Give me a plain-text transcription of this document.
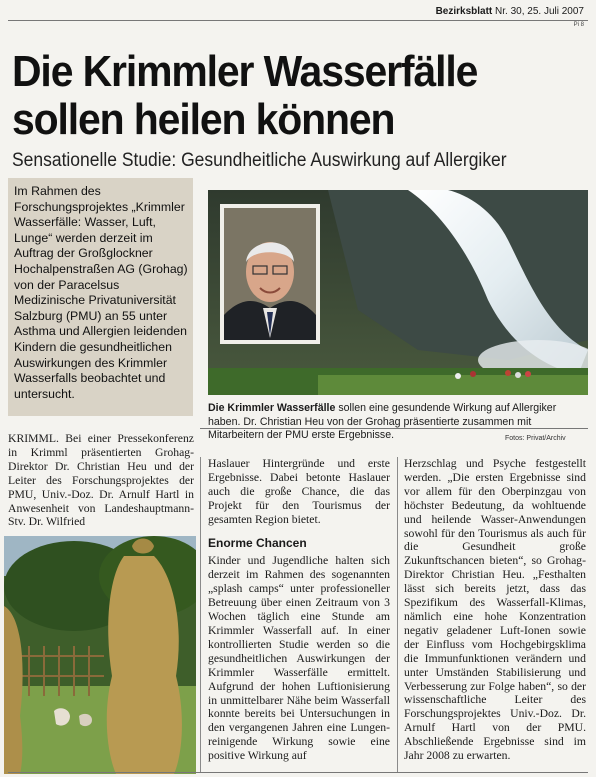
Bezirksblatt Nr. 30, 25. Juli 2007
Pi 8
Die Krimmler Wasserfälle
sollen heilen können
Sensationelle Studie: Gesundheitliche Auswirkung auf Allergiker
Im Rahmen des Forschungsprojektes „Krimmler Wasserfälle: Wasser, Luft, Lunge“ werden derzeit im Auftrag der Großglockner Hochalpenstraßen AG (Grohag) von der Paracelsus Medizinische Privatuniversität Salzburg (PMU) an 55 unter Asthma und Allergien leidenden Kindern die gesundheitlichen Auswirkungen des Krimmler Wasserfalls beobachtet und untersucht.
Die Krimmler Wasserfälle sollen eine gesundende Wirkung auf Allergiker haben. Dr. Christian Heu von der Grohag präsentierte zusammen mit Mitarbeitern der PMU erste Ergebnisse.	Fotos: Privat/Archiv

KRIMML. Bei einer Pressekonferenz in Krimml präsentierten Grohag-Direktor Dr. Christian Heu und der Leiter des Forschungsprojektes der PMU, Univ.-Doz. Dr. Arnulf Hartl in Anwesenheit von Landeshauptmann-Stv. Dr. Wilfried

Haslauer Hintergründe und erste Ergebnisse. Dabei betonte Haslauer auch die große Chance, die das Projekt für den Tourismus der gesamten Region bietet.

Enorme Chancen

Kinder und Jugendliche halten sich derzeit im Rahmen des sogenannten „splash camps“ unter professioneller Betreuung über einen Zeitraum von 3 Wochen täglich eine Stunde am Krimmler Wasserfall auf. In einer kontrollierten Studie werden so die gesundheitlichen Auswirkungen der Krimmler Wasserfälle ermittelt. Aufgrund der hohen Luftionisierung in unmittelbarer Nähe beim Wasserfall konnte bereits bei Untersuchungen in den vergangenen Jahren eine Lungen-reinigende Wirkung sowie eine positive Wirkung auf

Herzschlag und Psyche festgestellt werden. „Die ersten Ergebnisse sind vor allem für den Oberpinzgau von höchster Bedeutung, da wohltuende und heilende Wasser-Anwendungen sowohl für den Tourismus als auch für die Gesundheit große Zukunftschancen bieten“, so Grohag-Direktor Christian Heu. „Festhalten lässt sich bereits jetzt, dass das Spezifikum des Wasserfall-Klimas, nämlich eine hohe Konzentration negativ geladener Luft-Ionen sowie der Einfluss vom Hochgebirgsklima die Immunfunktionen verändern und unter Umständen Stabilisierung und Verbesserung zur Folge haben“, so der wissenschaftliche Leiter des Forschungsprojektes Univ.-Doz. Dr. Arnulf Hartl von der PMU. Abschließende Ergebnisse sind im Jahr 2008 zu erwarten.
